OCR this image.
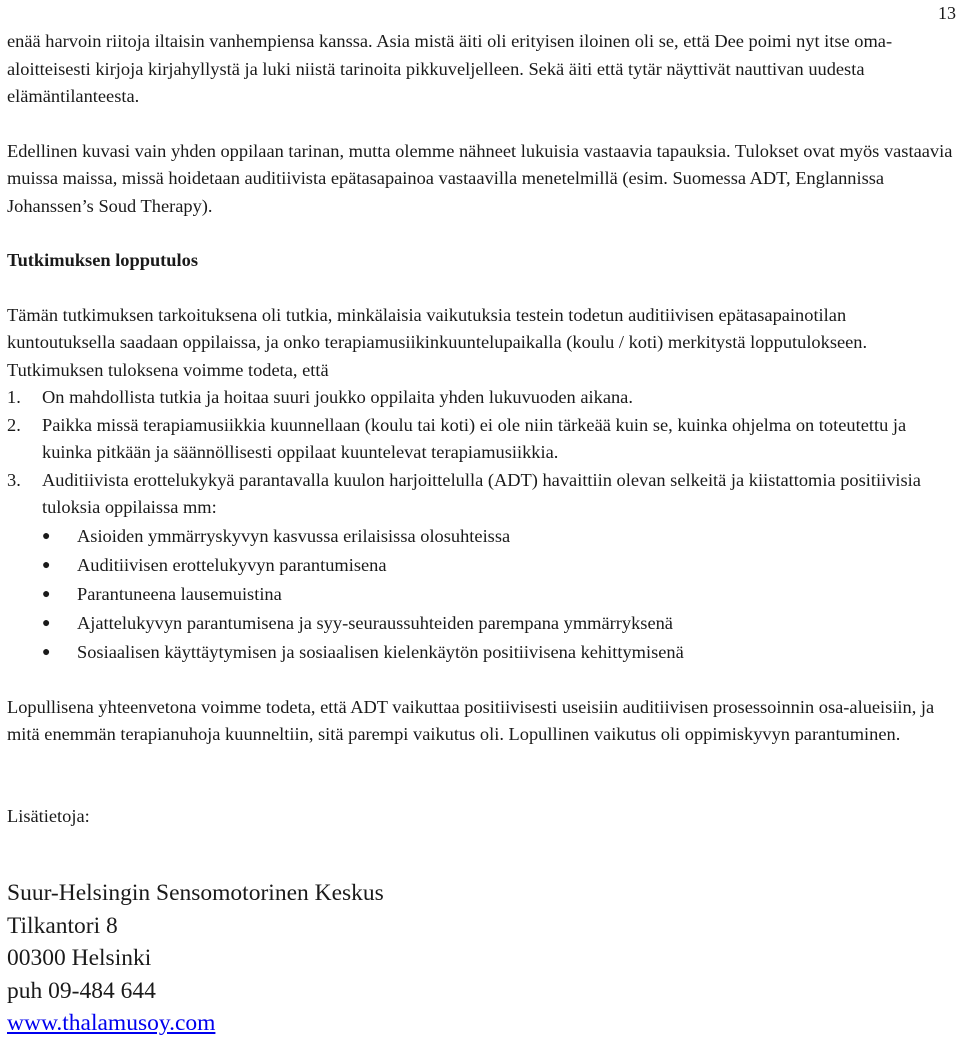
13

enää harvoin riitoja iltaisin vanhempiensa kanssa. Asia mistä äiti oli erityisen iloinen oli se, että Dee poimi nyt itse oma-aloitteisesti kirjoja kirjahyllystä ja luki niistä tarinoita pikkuveljelleen. Sekä äiti että tytär näyttivät nauttivan uudesta elämäntilanteesta.

Edellinen kuvasi vain yhden oppilaan tarinan, mutta olemme nähneet lukuisia vastaavia tapauksia. Tulokset ovat myös vastaavia muissa maissa, missä hoidetaan auditiivista epätasapainoa vastaavilla menetelmillä (esim. Suomessa ADT, Englannissa Johanssen’s Soud Therapy).

Tutkimuksen lopputulos

Tämän tutkimuksen tarkoituksena oli tutkia, minkälaisia vaikutuksia testein todetun auditiivisen epätasapainotilan kuntoutuksella saadaan oppilaissa, ja onko terapiamusiikinkuuntelupaikalla (koulu / koti) merkitystä lopputulokseen. Tutkimuksen tuloksena voimme todeta, että

1.	On mahdollista tutkia ja hoitaa suuri joukko oppilaita yhden lukuvuoden aikana.
2.	Paikka missä terapiamusiikkia kuunnellaan (koulu tai koti) ei ole niin tärkeää kuin se, kuinka ohjelma on toteutettu ja kuinka pitkään ja säännöllisesti oppilaat kuuntelevat terapiamusiikkia.
3.	Auditiivista erottelukykyä parantavalla kuulon harjoittelulla (ADT) havaittiin olevan selkeitä ja kiistattomia positiivisia tuloksia oppilaissa mm:
●	Asioiden ymmärryskyvyn kasvussa erilaisissa olosuhteissa
●	Auditiivisen erottelukyvyn parantumisena
●	Parantuneena lausemuistina
●	Ajattelukyvyn parantumisena ja syy-seuraussuhteiden parempana ymmärryksenä
●	Sosiaalisen käyttäytymisen ja sosiaalisen kielenkäytön positiivisena kehittymisenä

Lopullisena yhteenvetona voimme todeta, että ADT vaikuttaa positiivisesti useisiin auditiivisen prosessoinnin osa-alueisiin, ja mitä enemmän terapianuhoja kuunneltiin, sitä parempi vaikutus oli. Lopullinen vaikutus oli oppimiskyvyn parantuminen.

Lisätietoja:

Suur-Helsingin Sensomotorinen Keskus
Tilkantori 8
00300 Helsinki
puh 09-484 644
www.thalamusoy.com
